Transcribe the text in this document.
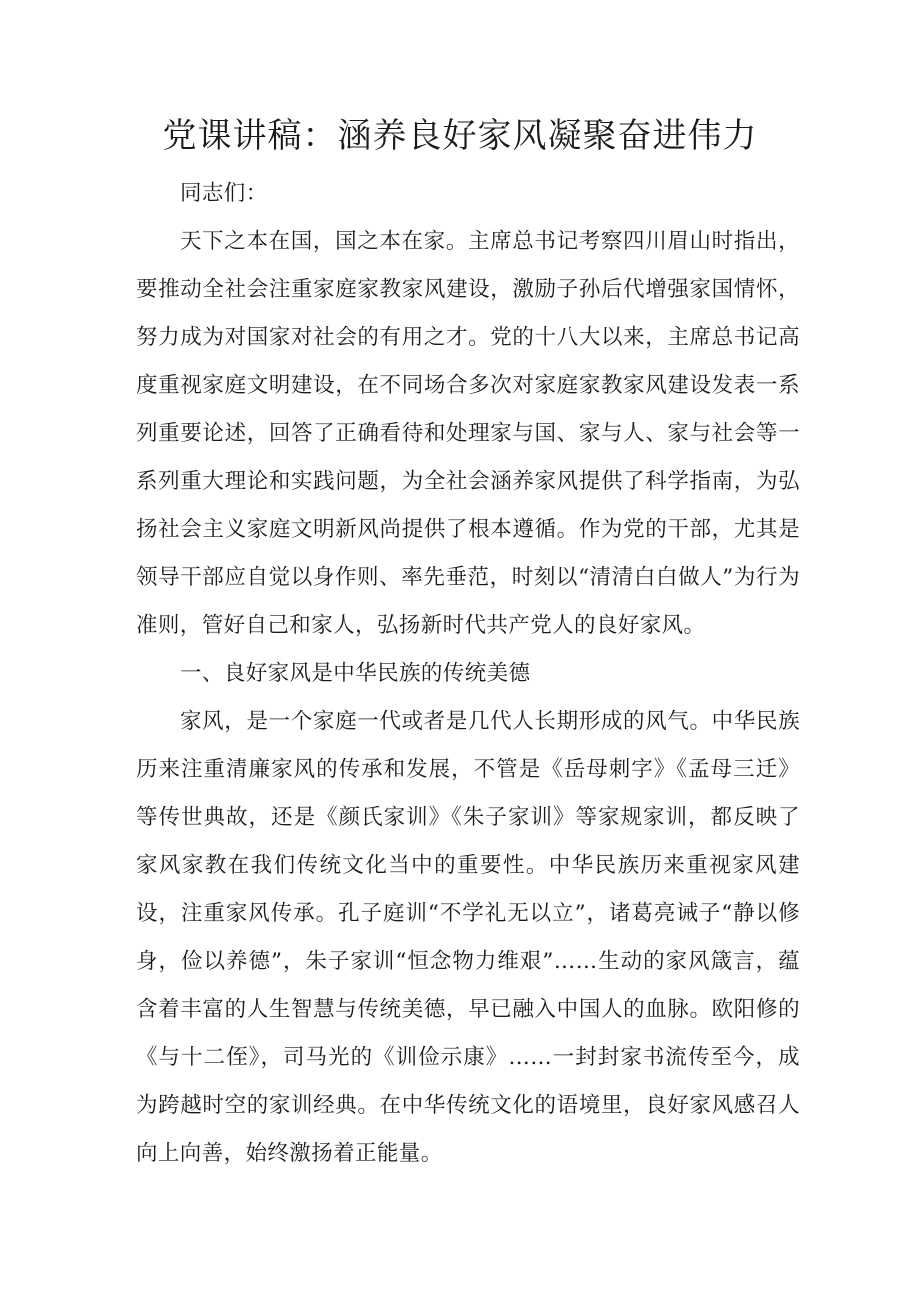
党课讲稿：涵养良好家风凝聚奋进伟力

同志们：

天下之本在国，国之本在家。主席总书记考察四川眉山时指出，要推动全社会注重家庭家教家风建设，激励子孙后代增强家国情怀，努力成为对国家对社会的有用之才。党的十八大以来，主席总书记高度重视家庭文明建设，在不同场合多次对家庭家教家风建设发表一系列重要论述，回答了正确看待和处理家与国、家与人、家与社会等一系列重大理论和实践问题，为全社会涵养家风提供了科学指南，为弘扬社会主义家庭文明新风尚提供了根本遵循。作为党的干部，尤其是领导干部应自觉以身作则、率先垂范，时刻以“清清白白做人”为行为准则，管好自己和家人，弘扬新时代共产党人的良好家风。

一、良好家风是中华民族的传统美德

家风，是一个家庭一代或者是几代人长期形成的风气。中华民族历来注重清廉家风的传承和发展，不管是《岳母刺字》《孟母三迁》等传世典故，还是《颜氏家训》《朱子家训》等家规家训，都反映了家风家教在我们传统文化当中的重要性。中华民族历来重视家风建设，注重家风传承。孔子庭训“不学礼无以立”，诸葛亮诫子“静以修身，俭以养德”，朱子家训“恒念物力维艰”……生动的家风箴言，蕴含着丰富的人生智慧与传统美德，早已融入中国人的血脉。欧阳修的《与十二侄》，司马光的《训俭示康》……一封封家书流传至今，成为跨越时空的家训经典。在中华传统文化的语境里，良好家风感召人向上向善，始终激扬着正能量。
